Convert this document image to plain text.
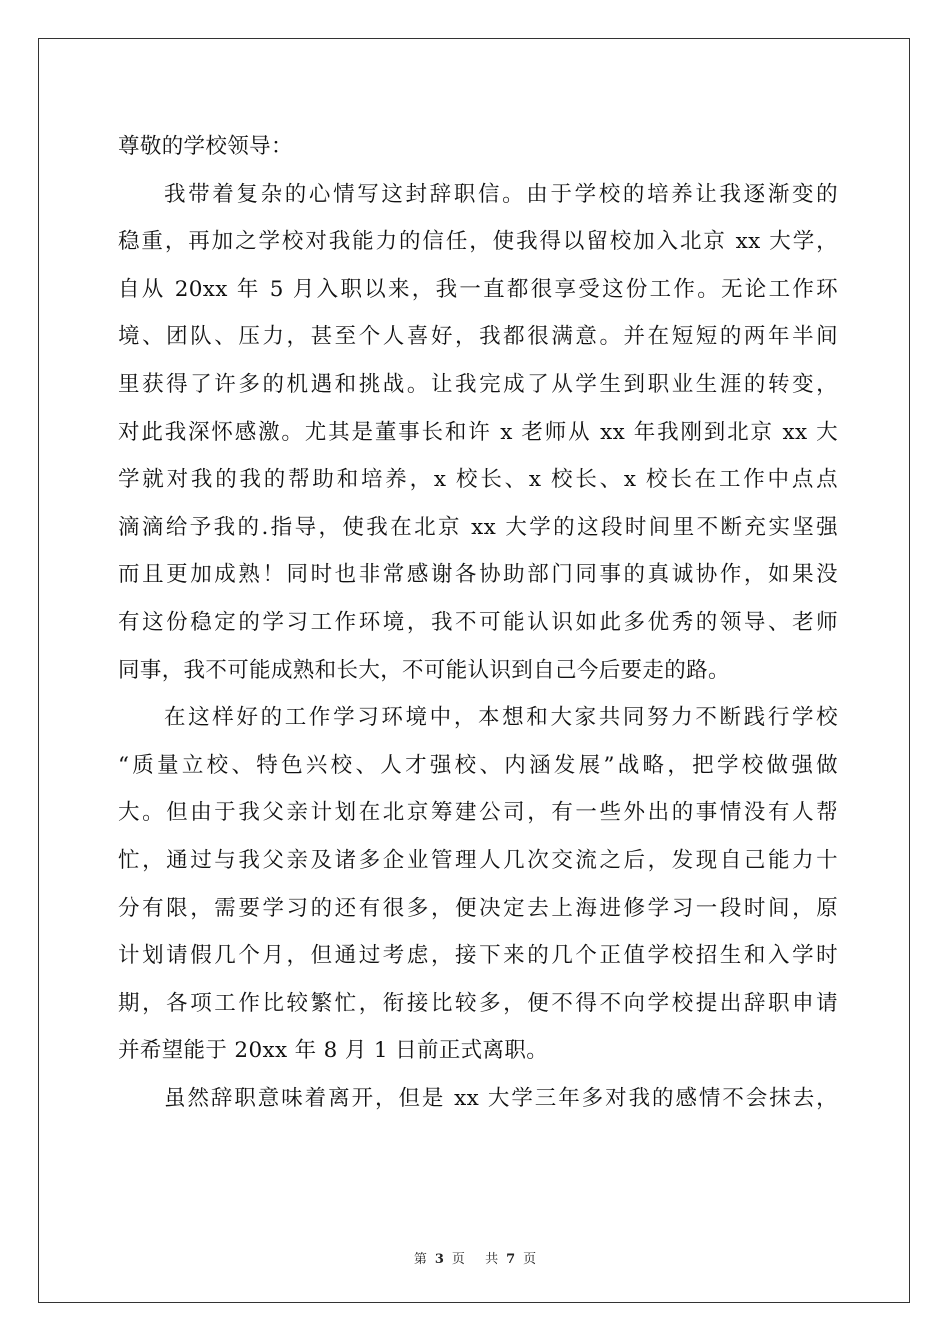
尊敬的学校领导：
我带着复杂的心情写这封辞职信。由于学校的培养让我逐渐变的
稳重，再加之学校对我能力的信任，使我得以留校加入北京 xx 大学，
自从 20xx 年 5 月入职以来，我一直都很享受这份工作。无论工作环
境、团队、压力，甚至个人喜好，我都很满意。并在短短的两年半间
里获得了许多的机遇和挑战。让我完成了从学生到职业生涯的转变，
对此我深怀感激。尤其是董事长和许 x 老师从 xx 年我刚到北京 xx 大
学就对我的我的帮助和培养，x 校长、x 校长、x 校长在工作中点点
滴滴给予我的.指导，使我在北京 xx 大学的这段时间里不断充实坚强
而且更加成熟！同时也非常感谢各协助部门同事的真诚协作，如果没
有这份稳定的学习工作环境，我不可能认识如此多优秀的领导、老师
同事，我不可能成熟和长大，不可能认识到自己今后要走的路。
在这样好的工作学习环境中，本想和大家共同努力不断践行学校
“质量立校、特色兴校、人才强校、内涵发展”战略，把学校做强做
大。但由于我父亲计划在北京筹建公司，有一些外出的事情没有人帮
忙，通过与我父亲及诸多企业管理人几次交流之后，发现自己能力十
分有限，需要学习的还有很多，便决定去上海进修学习一段时间，原
计划请假几个月，但通过考虑，接下来的几个正值学校招生和入学时
期，各项工作比较繁忙，衔接比较多，便不得不向学校提出辞职申请
并希望能于 20xx 年 8 月 1 日前正式离职。
虽然辞职意味着离开，但是 xx 大学三年多对我的感情不会抹去，
第 3 页 共 7 页
